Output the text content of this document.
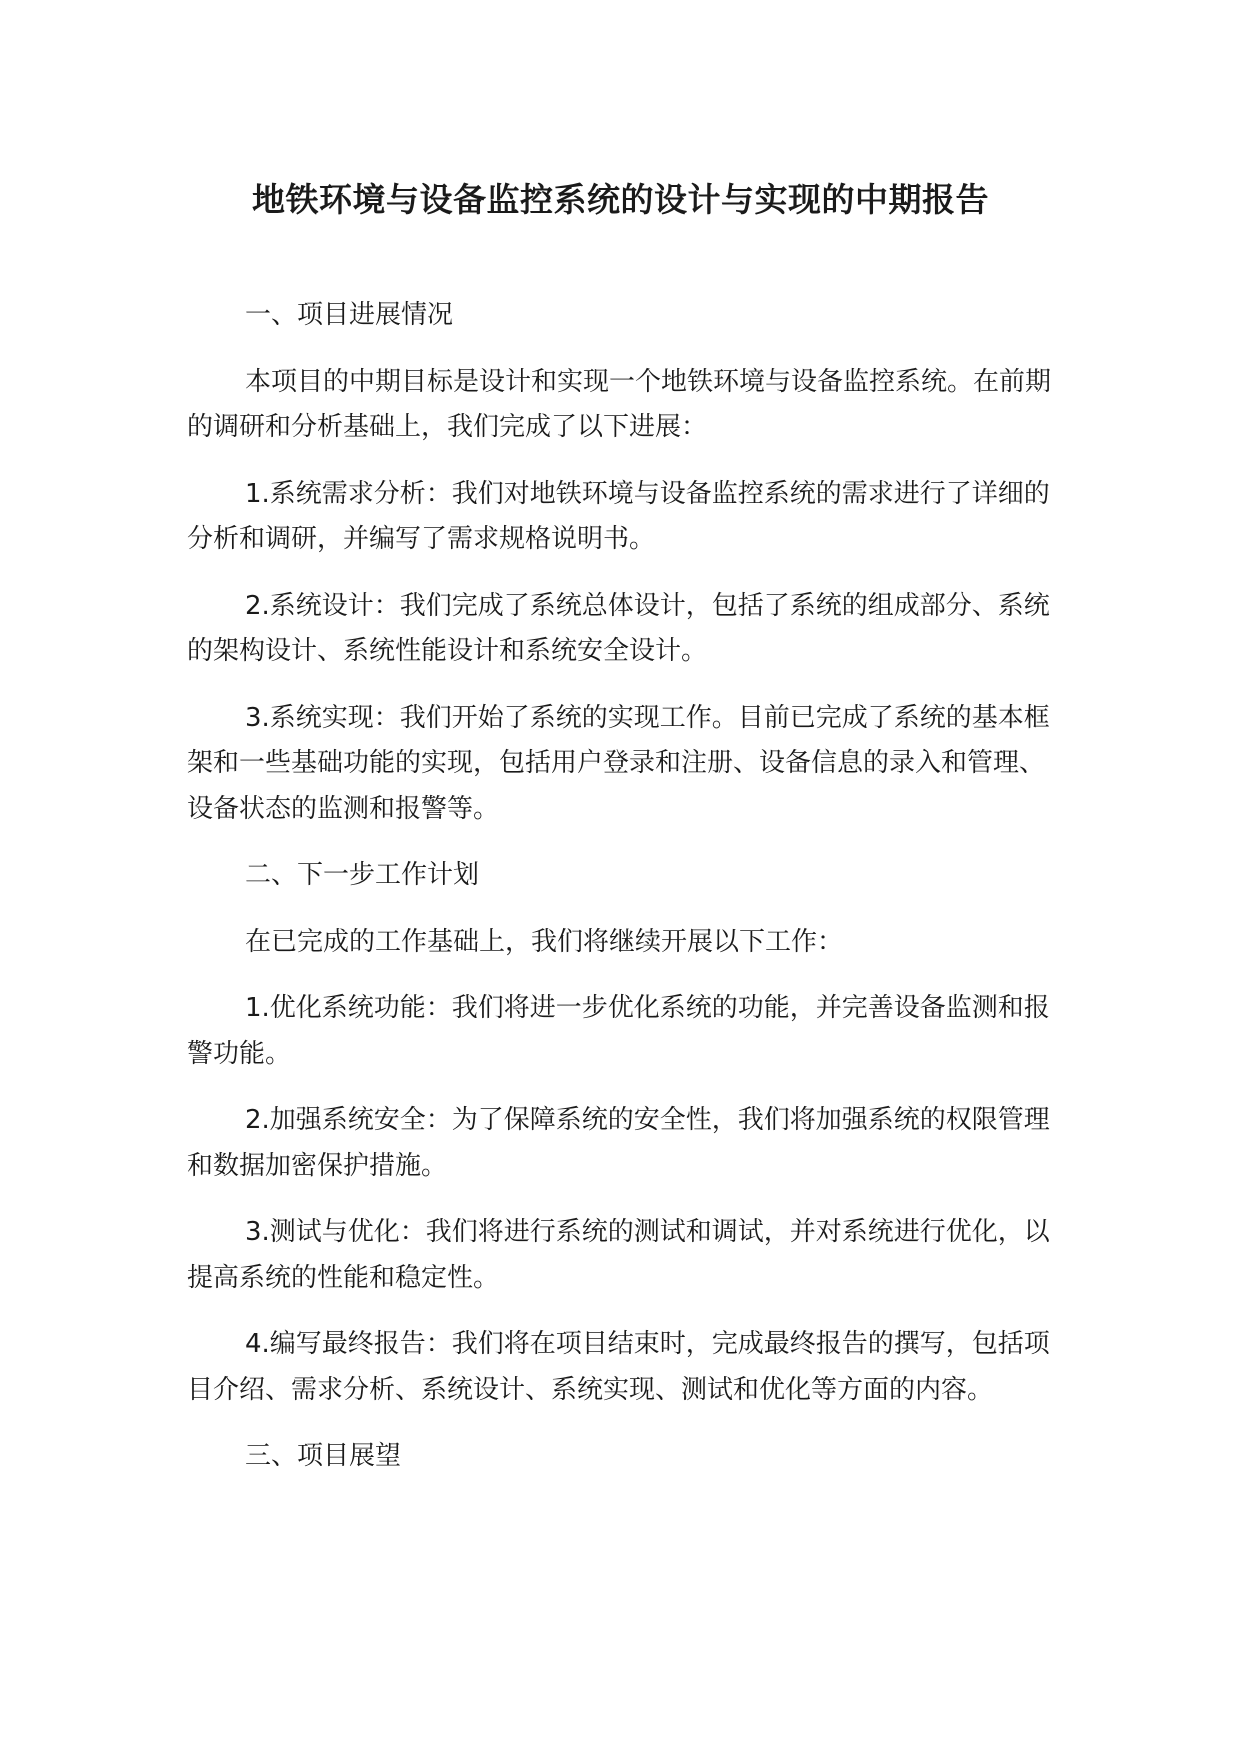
地铁环境与设备监控系统的设计与实现的中期报告

一、项目进展情况

本项目的中期目标是设计和实现一个地铁环境与设备监控系统。在前期的调研和分析基础上，我们完成了以下进展：

1.系统需求分析：我们对地铁环境与设备监控系统的需求进行了详细的分析和调研，并编写了需求规格说明书。

2.系统设计：我们完成了系统总体设计，包括了系统的组成部分、系统的架构设计、系统性能设计和系统安全设计。

3.系统实现：我们开始了系统的实现工作。目前已完成了系统的基本框架和一些基础功能的实现，包括用户登录和注册、设备信息的录入和管理、设备状态的监测和报警等。

二、下一步工作计划

在已完成的工作基础上，我们将继续开展以下工作：

1.优化系统功能：我们将进一步优化系统的功能，并完善设备监测和报警功能。

2.加强系统安全：为了保障系统的安全性，我们将加强系统的权限管理和数据加密保护措施。

3.测试与优化：我们将进行系统的测试和调试，并对系统进行优化，以提高系统的性能和稳定性。

4.编写最终报告：我们将在项目结束时，完成最终报告的撰写，包括项目介绍、需求分析、系统设计、系统实现、测试和优化等方面的内容。

三、项目展望
